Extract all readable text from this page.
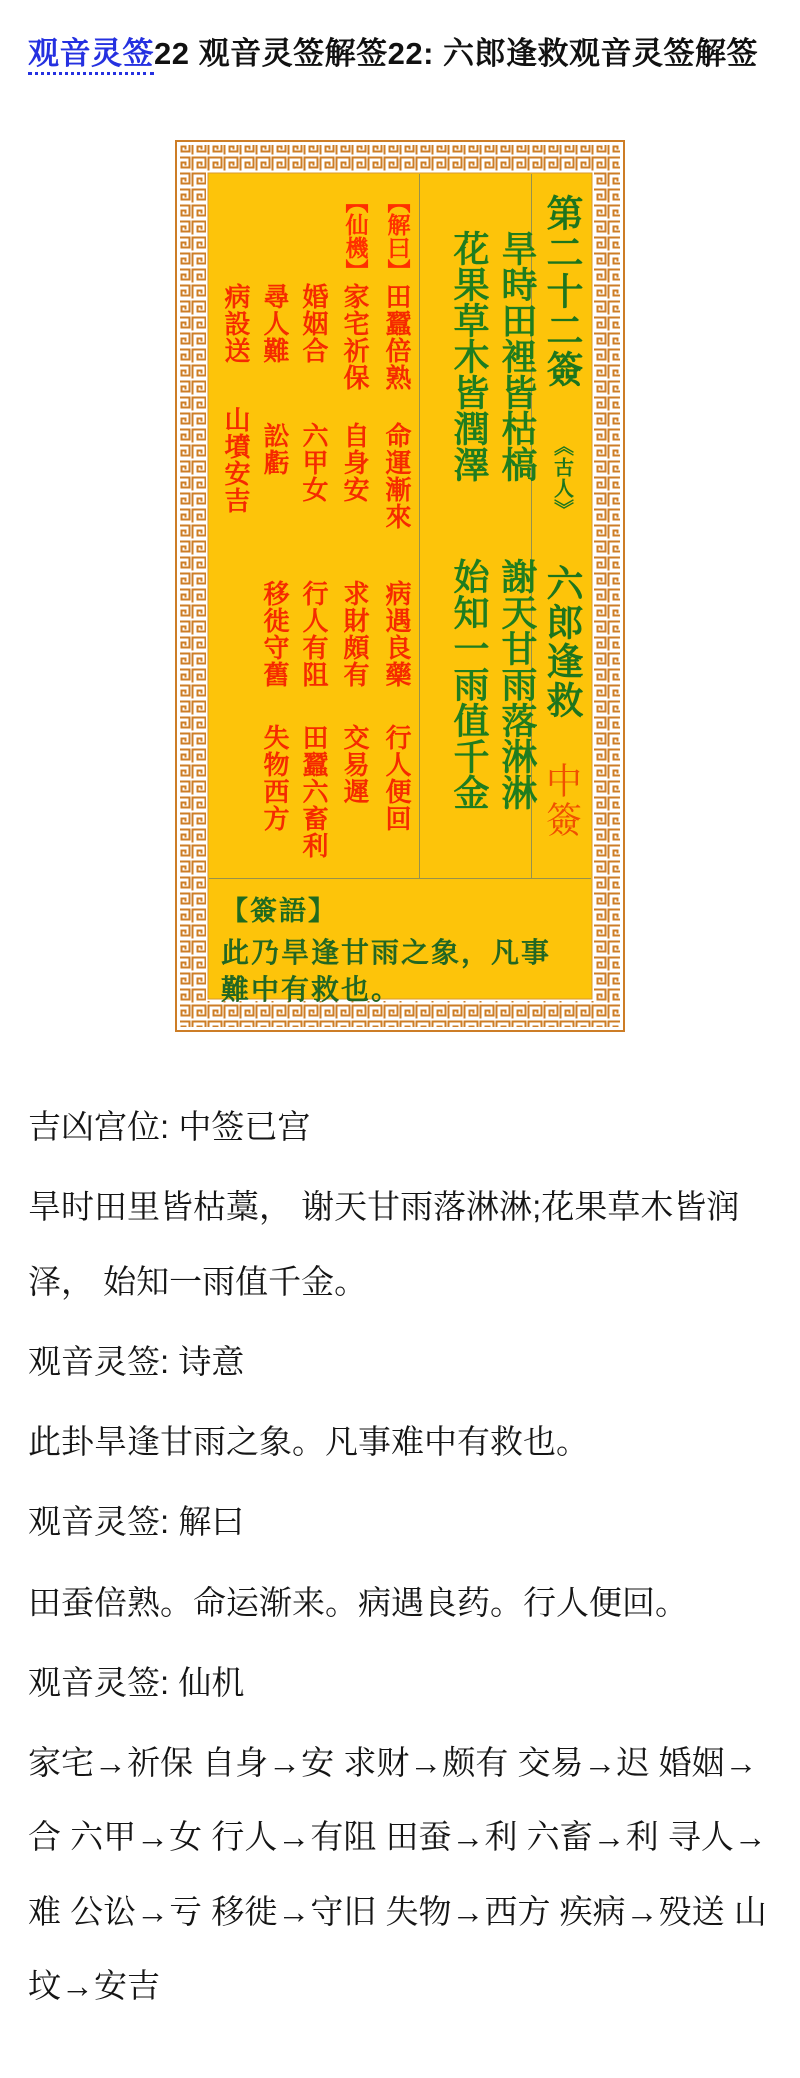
观音灵签22 观音灵签解签22: 六郎逢救观音灵签解签
【解曰】
田蠶倍熟
命運漸來
病遇良藥
行人便回
【仙機】
家宅祈保
自身安
求財頗有
交易遲
婚姻合
六甲女
行人有阻
田蠶六畜利
尋人難
訟虧
移徙守舊
失物西方
病設送
山墳安吉	旱時田裡皆枯槁
謝天甘雨落淋淋
花果草木皆潤澤
始知一雨值千金
第二十二簽
《古人》
六郎逢救
中簽

【簽語】

此乃旱逢甘雨之象，凡事難中有救也。

吉凶宫位: 中签已宫

旱时田里皆枯藁， 谢天甘雨落淋淋;花果草木皆润泽， 始知一雨值千金。

观音灵签: 诗意

此卦旱逢甘雨之象。凡事难中有救也。

观音灵签: 解曰

田蚕倍熟。命运渐来。病遇良药。行人便回。

观音灵签: 仙机

家宅→祈保 自身→安 求财→颇有 交易→迟 婚姻→合 六甲→女 行人→有阻 田蚕→利 六畜→利 寻人→难 公讼→亏 移徙→守旧 失物→西方 疾病→殁送 山坟→安吉
